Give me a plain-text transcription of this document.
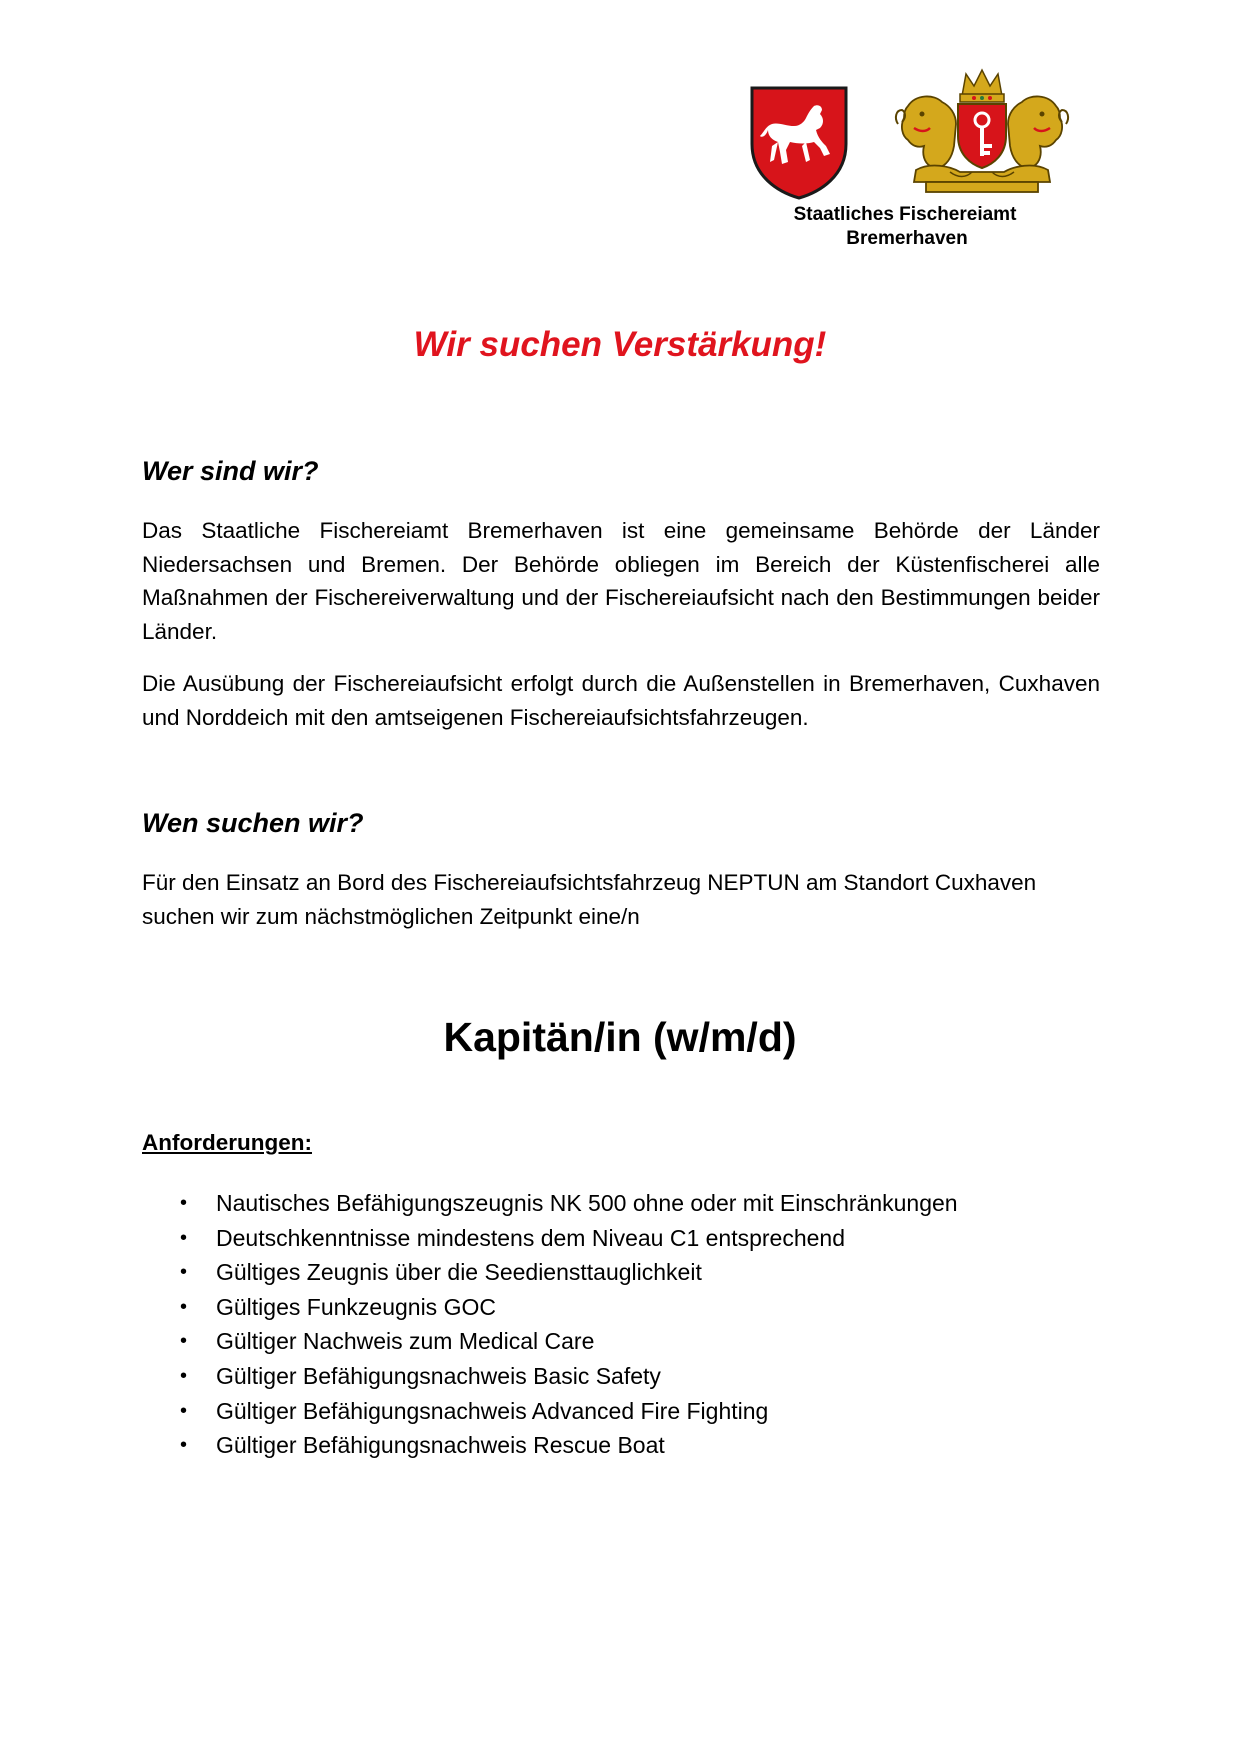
Staatliches Fischereiamt
Bremerhaven
Wir suchen Verstärkung!
Wer sind wir?
Das Staatliche Fischereiamt Bremerhaven ist eine gemeinsame Behörde der Länder Niedersachsen und Bremen. Der Behörde obliegen im Bereich der Küstenfischerei alle Maßnahmen der Fischereiverwaltung und der Fischereiaufsicht nach den Bestimmungen beider Länder.
Die Ausübung der Fischereiaufsicht erfolgt durch die Außenstellen in Bremerhaven, Cuxhaven und Norddeich mit den amtseigenen Fischereiaufsichtsfahrzeugen.
Wen suchen wir?
Für den Einsatz an Bord des Fischereiaufsichtsfahrzeug NEPTUN am Standort Cuxhaven suchen wir zum nächstmöglichen Zeitpunkt eine/n
Kapitän/in (w/m/d)
Anforderungen:
• Nautisches Befähigungszeugnis NK 500 ohne oder mit Einschränkungen
• Deutschkenntnisse mindestens dem Niveau C1 entsprechend
• Gültiges Zeugnis über die Seediensttauglichkeit
• Gültiges Funkzeugnis GOC
• Gültiger Nachweis zum Medical Care
• Gültiger Befähigungsnachweis Basic Safety
• Gültiger Befähigungsnachweis Advanced Fire Fighting
• Gültiger Befähigungsnachweis Rescue Boat
